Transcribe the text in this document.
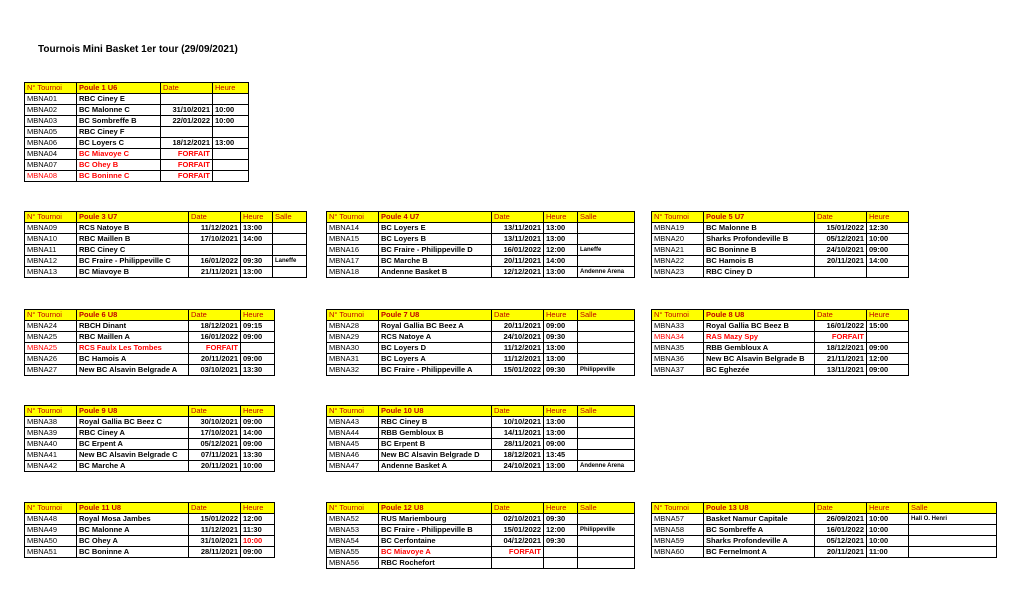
Tournois Mini Basket 1er tour (29/09/2021)
N° Tournoi	Poule 1 U6	Date	Heure
MBNA01	RBC Ciney E		
MBNA02	BC Malonne C	31/10/2021	10:00
MBNA03	BC Sombreffe B	22/01/2022	10:00
MBNA05	RBC Ciney F		
MBNA06	BC Loyers C	18/12/2021	13:00
MBNA04	BC Miavoye C	FORFAIT	
MBNA07	BC Ohey B	FORFAIT	
MBNA08	BC Boninne C	FORFAIT	
N° Tournoi	Poule 3 U7	Date	Heure	Salle
MBNA09	RCS Natoye B	11/12/2021	13:00	
MBNA10	RBC Maillen B	17/10/2021	14:00	
MBNA11	RBC Ciney C			
MBNA12	BC Fraire - Philippeville C	16/01/2022	09:30	Laneffe
MBNA13	BC Miavoye B	21/11/2021	13:00	
N° Tournoi	Poule 4 U7	Date	Heure	Salle
MBNA14	BC Loyers E	13/11/2021	13:00	
MBNA15	BC Loyers B	13/11/2021	13:00	
MBNA16	BC Fraire - Philippeville D	16/01/2022	12:00	Laneffe
MBNA17	BC Marche B	20/11/2021	14:00	
MBNA18	Andenne Basket B	12/12/2021	13:00	Andenne Arena
N° Tournoi	Poule 5 U7	Date	Heure
MBNA19	BC Malonne B	15/01/2022	12:30
MBNA20	Sharks Profondeville B	05/12/2021	10:00
MBNA21	BC Boninne B	24/10/2021	09:00
MBNA22	BC Hamois B	20/11/2021	14:00
MBNA23	RBC Ciney D		
N° Tournoi	Poule 6 U8	Date	Heure
MBNA24	RBCH Dinant	18/12/2021	09:15
MBNA25	RBC Maillen A	16/01/2022	09:00
MBNA25	RCS Faulx Les Tombes	FORFAIT	
MBNA26	BC Hamois A	20/11/2021	09:00
MBNA27	New BC Alsavin Belgrade A	03/10/2021	13:30
N° Tournoi	Poule 7 U8	Date	Heure	Salle
MBNA28	Royal Gallia BC Beez A	20/11/2021	09:00	
MBNA29	RCS Natoye A	24/10/2021	09:30	
MBNA30	BC Loyers D	11/12/2021	13:00	
MBNA31	BC Loyers A	11/12/2021	13:00	
MBNA32	BC Fraire - Philippeville A	15/01/2022	09:30	Philippeville
N° Tournoi	Poule 8 U8	Date	Heure
MBNA33	Royal Gallia BC Beez B	16/01/2022	15:00
MBNA34	RAS Mazy Spy	FORFAIT	
MBNA35	RBB Gembloux A	18/12/2021	09:00
MBNA36	New BC Alsavin Belgrade B	21/11/2021	12:00
MBNA37	BC Eghezée	13/11/2021	09:00
N° Tournoi	Poule 9 U8	Date	Heure
MBNA38	Royal Gallia BC Beez C	30/10/2021	09:00
MBNA39	RBC Ciney A	17/10/2021	14:00
MBNA40	BC Erpent A	05/12/2021	09:00
MBNA41	New BC Alsavin Belgrade C	07/11/2021	13:30
MBNA42	BC Marche A	20/11/2021	10:00
N° Tournoi	Poule 10 U8	Date	Heure	Salle
MBNA43	RBC Ciney B	10/10/2021	13:00	
MBNA44	RBB Gembloux B	14/11/2021	13:00	
MBNA45	BC Erpent B	28/11/2021	09:00	
MBNA46	New BC Alsavin Belgrade D	18/12/2021	13:45	
MBNA47	Andenne Basket A	24/10/2021	13:00	Andenne Arena
N° Tournoi	Poule 11 U8	Date	Heure
MBNA48	Royal Mosa Jambes	15/01/2022	12:00
MBNA49	BC Malonne A	11/12/2021	11:30
MBNA50	BC Ohey A	31/10/2021	10:00
MBNA51	BC Boninne A	28/11/2021	09:00
N° Tournoi	Poule 12 U8	Date	Heure	Salle
MBNA52	RUS Mariembourg	02/10/2021	09:30	
MBNA53	BC Fraire - Philippeville B	15/01/2022	12:00	Philippeville
MBNA54	BC Cerfontaine	04/12/2021	09:30	
MBNA55	BC Miavoye A	FORFAIT		
MBNA56	RBC Rochefort			
N° Tournoi	Poule 13 U8	Date	Heure	Salle
MBNA57	Basket Namur Capitale	26/09/2021	10:00	Hall O. Henri
MBNA58	BC Sombreffe A	16/01/2022	10:00	
MBNA59	Sharks Profondeville A	05/12/2021	10:00	
MBNA60	BC Fernelmont A	20/11/2021	11:00	
